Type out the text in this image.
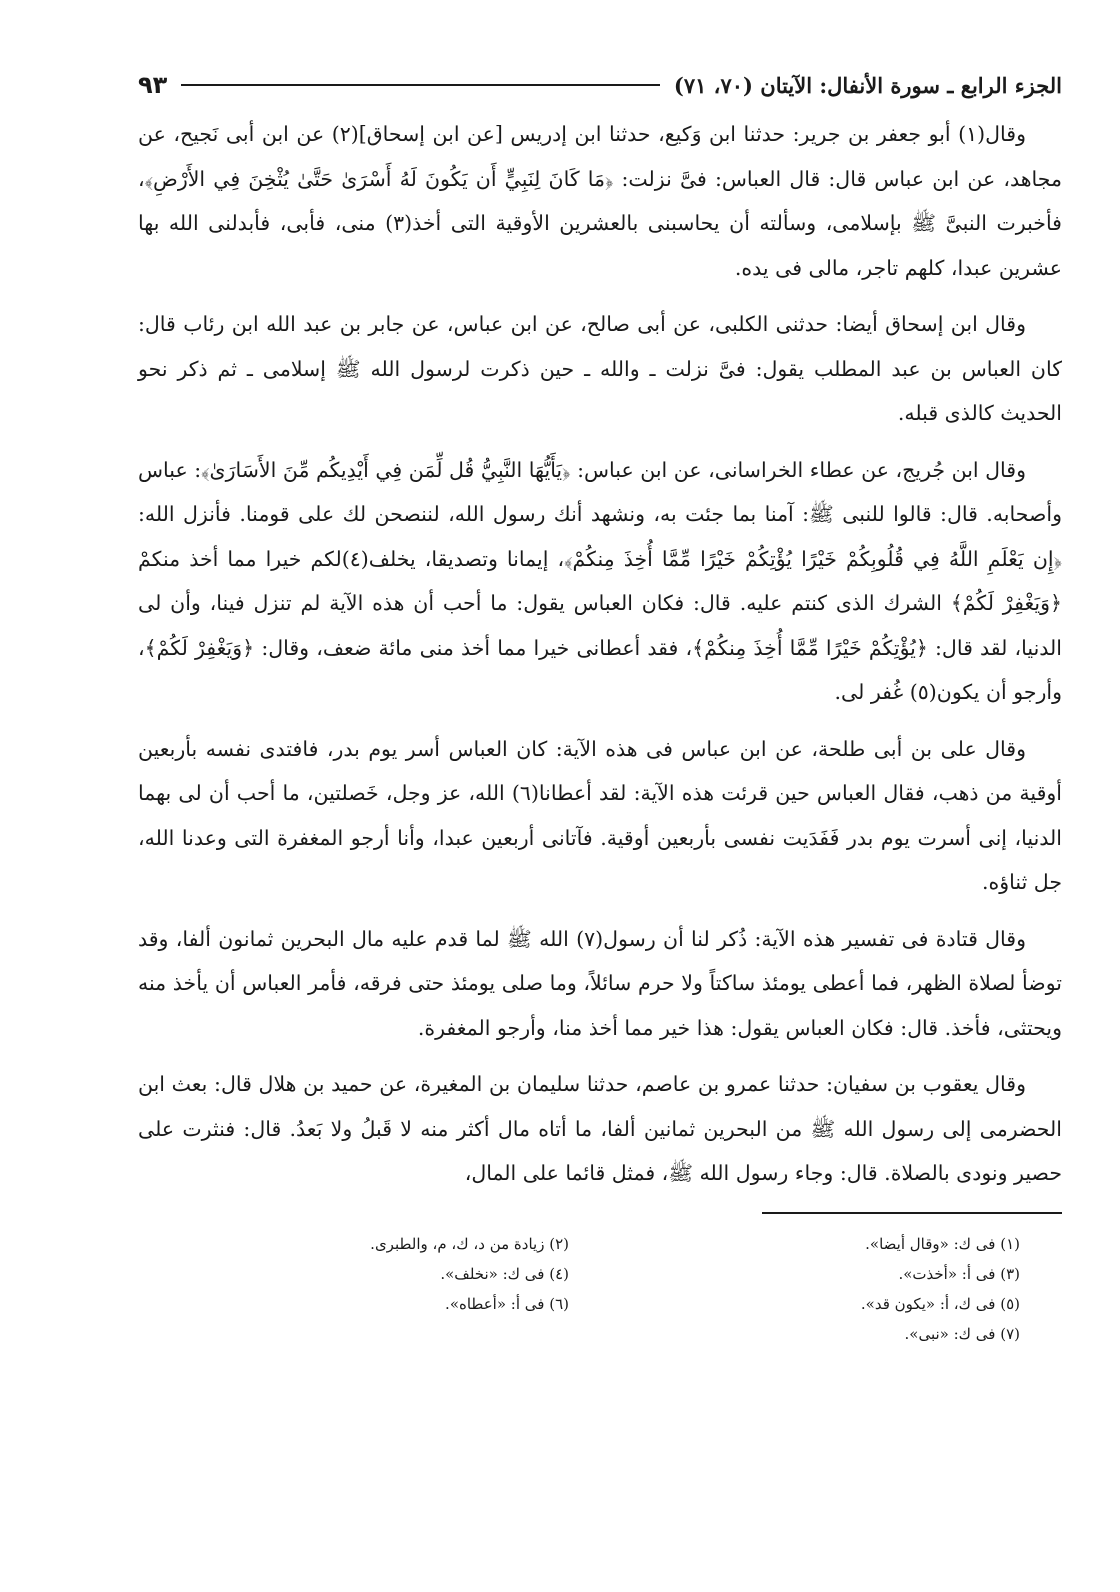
الجزء الرابع ـ سورة الأنفال: الآيتان (٧٠، ٧١)
٩٣

وقال(١) أبو جعفر بن جرير: حدثنا ابن وَكيع، حدثنا ابن إدريس [عن ابن إسحاق](٢) عن ابن أبى نَجيح، عن مجاهد، عن ابن عباس قال: قال العباس: فىَّ نزلت: ﴿مَا كَانَ لِنَبِيٍّ أَن يَكُونَ لَهُ أَسْرَىٰ حَتَّىٰ يُثْخِنَ فِي الأَرْضِ﴾، فأخبرت النبىَّ ﷺ بإسلامى، وسألته أن يحاسبنى بالعشرين الأوقية التى أخذ(٣) منى، فأبى، فأبدلنى الله بها عشرين عبدا، كلهم تاجر، مالى فى يده.

وقال ابن إسحاق أيضا: حدثنى الكلبى، عن أبى صالح، عن ابن عباس، عن جابر بن عبد الله ابن رئاب قال: كان العباس بن عبد المطلب يقول: فىَّ نزلت ـ والله ـ حين ذكرت لرسول الله ﷺ إسلامى ـ ثم ذكر نحو الحديث كالذى قبله.

وقال ابن جُريج، عن عطاء الخراسانى، عن ابن عباس: ﴿يَأَيُّهَا النَّبِيُّ قُل لِّمَن فِي أَيْدِيكُم مِّنَ الأَسَارَىٰ﴾: عباس وأصحابه. قال: قالوا للنبى ﷺ: آمنا بما جئت به، ونشهد أنك رسول الله، لننصحن لك على قومنا. فأنزل الله: ﴿إِن يَعْلَمِ اللَّهُ فِي قُلُوبِكُمْ خَيْرًا يُؤْتِكُمْ خَيْرًا مِّمَّا أُخِذَ مِنكُمْ﴾، إيمانا وتصديقا، يخلف(٤)لكم خيرا مما أخذ منكمْ ﴿وَيَغْفِرْ لَكُمْ﴾ الشرك الذى كنتم عليه. قال: فكان العباس يقول: ما أحب أن هذه الآية لم تنزل فينا، وأن لى الدنيا، لقد قال: ﴿يُؤْتِكُمْ خَيْرًا مِّمَّا أُخِذَ مِنكُمْ﴾، فقد أعطانى خيرا مما أخذ منى مائة ضعف، وقال: ﴿وَيَغْفِرْ لَكُمْ﴾، وأرجو أن يكون(٥) غُفر لى.

وقال على بن أبى طلحة، عن ابن عباس فى هذه الآية: كان العباس أسر يوم بدر، فافتدى نفسه بأربعين أوقية من ذهب، فقال العباس حين قرئت هذه الآية: لقد أعطانا(٦) الله، عز وجل، خَصلتين، ما أحب أن لى بهما الدنيا، إنى أسرت يوم بدر فَفَدَيت نفسى بأربعين أوقية. فآتانى أربعين عبدا، وأنا أرجو المغفرة التى وعدنا الله، جل ثناؤه.

وقال قتادة فى تفسير هذه الآية: ذُكر لنا أن رسول(٧) الله ﷺ لما قدم عليه مال البحرين ثمانون ألفا، وقد توضأ لصلاة الظهر، فما أعطى يومئذ ساكتاً ولا حرم سائلاً، وما صلى يومئذ حتى فرقه، فأمر العباس أن يأخذ منه ويحتثى، فأخذ. قال: فكان العباس يقول: هذا خير مما أخذ منا، وأرجو المغفرة.

وقال يعقوب بن سفيان: حدثنا عمرو بن عاصم، حدثنا سليمان بن المغيرة، عن حميد بن هلال قال: بعث ابن الحضرمى إلى رسول الله ﷺ من البحرين ثمانين ألفا، ما أتاه مال أكثر منه لا قَبلُ ولا بَعدُ. قال: فنثرت على حصير ونودى بالصلاة. قال: وجاء رسول الله ﷺ، فمثل قائما على المال،

(١) فى ك: «وقال أيضا».
(٢) زيادة من د، ك، م، والطبرى.
(٣) فى أ: «أخذت».
(٤) فى ك: «نخلف».
(٥) فى ك، أ: «يكون قد».
(٦) فى أ: «أعطاه».
(٧) فى ك: «نبى».
